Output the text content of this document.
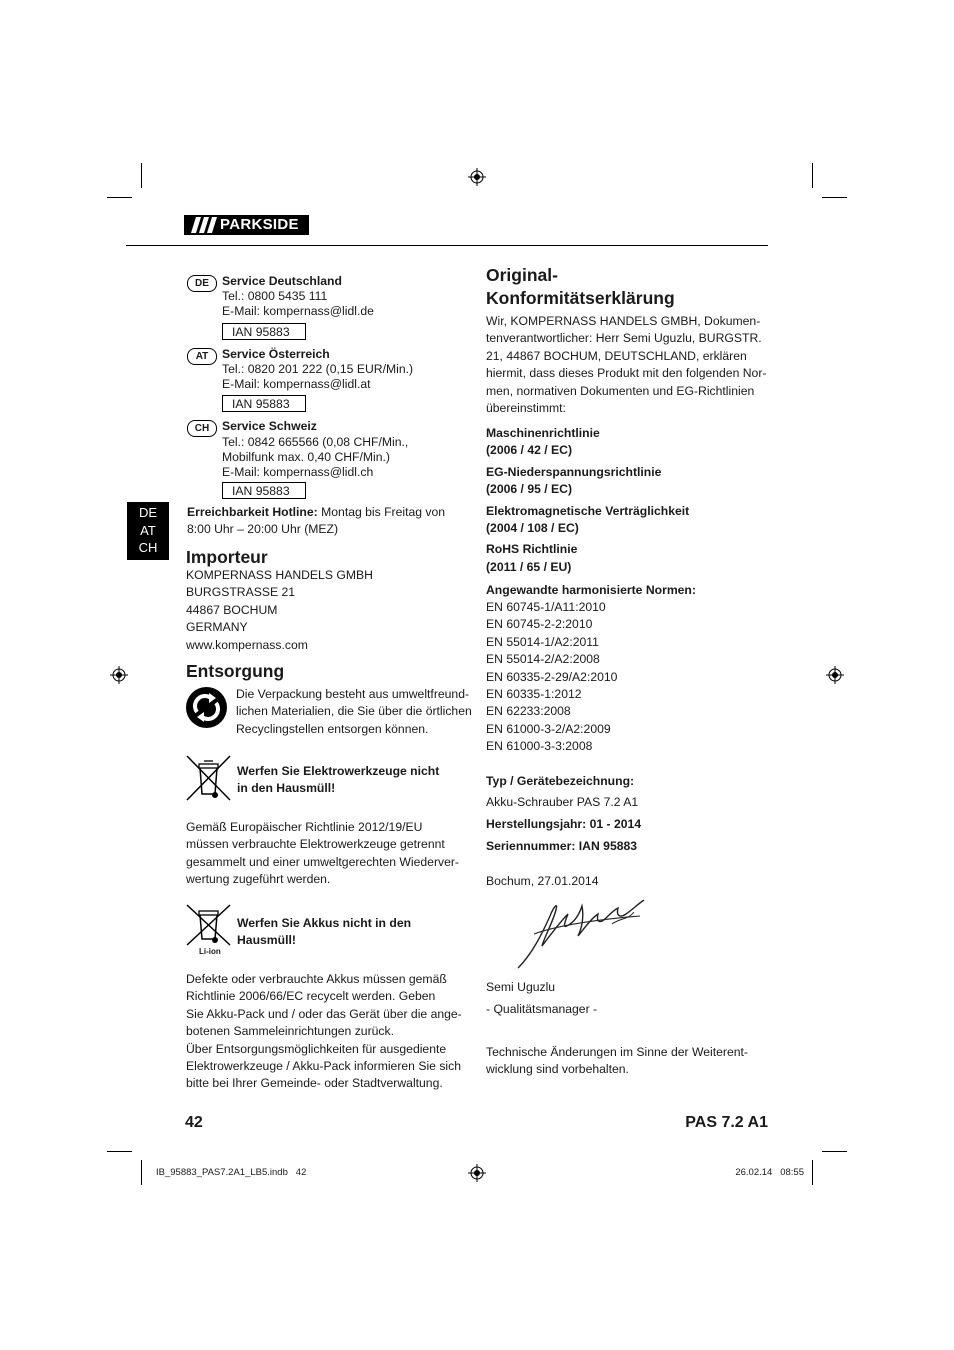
PARKSIDE
DE
AT
CH
DE	Service Deutschland
Tel.: 0800 5435 111
E-Mail: kompernass@lidl.de
IAN 95883
AT	Service Österreich
Tel.: 0820 201 222 (0,15 EUR/Min.)
E-Mail: kompernass@lidl.at
IAN 95883
CH	Service Schweiz
Tel.: 0842 665566 (0,08 CHF/Min.,
Mobilfunk max. 0,40 CHF/Min.)
E-Mail: kompernass@lidl.ch
IAN 95883
Erreichbarkeit Hotline: Montag bis Freitag von
8:00 Uhr – 20:00 Uhr (MEZ)
Importeur
KOMPERNASS HANDELS GMBH
BURGSTRASSE 21
44867 BOCHUM
GERMANY
www.kompernass.com
Entsorgung
Die Verpackung besteht aus umweltfreund-
lichen Materialien, die Sie über die örtlichen
Recyclingstellen entsorgen können.
Werfen Sie Elektrowerkzeuge nicht
in den Hausmüll!
Gemäß Europäischer Richtlinie 2012/19/EU
müssen verbrauchte Elektrowerkzeuge getrennt
gesammelt und einer umweltgerechten Wiederver-
wertung zugeführt werden.
Li-ion
Werfen Sie Akkus nicht in den
Hausmüll!
Defekte oder verbrauchte Akkus müssen gemäß
Richtlinie 2006/66/EC recycelt werden. Geben
Sie Akku-Pack und / oder das Gerät über die ange-
botenen Sammeleinrichtungen zurück.
Über Entsorgungsmöglichkeiten für ausgediente
Elektrowerkzeuge / Akku-Pack informieren Sie sich
bitte bei Ihrer Gemeinde- oder Stadtverwaltung.
Original-
Konformitätserklärung
Wir, KOMPERNASS HANDELS GMBH, Dokumen-
tenverantwortlicher: Herr Semi Uguzlu, BURGSTR.
21, 44867 BOCHUM, DEUTSCHLAND, erklären
hiermit, dass dieses Produkt mit den folgenden Nor-
men, normativen Dokumenten und EG-Richtlinien
übereinstimmt:
Maschinenrichtlinie
(2006 / 42 / EC)
EG-Niederspannungsrichtlinie
(2006 / 95 / EC)
Elektromagnetische Verträglichkeit
(2004 / 108 / EC)
RoHS Richtlinie
(2011 / 65 / EU)
Angewandte harmonisierte Normen:
EN 60745-1/A11:2010
EN 60745-2-2:2010
EN 55014-1/A2:2011
EN 55014-2/A2:2008
EN 60335-2-29/A2:2010
EN 60335-1:2012
EN 62233:2008
EN 61000-3-2/A2:2009
EN 61000-3-3:2008
Typ / Gerätebezeichnung:
Akku-Schrauber PAS 7.2 A1
Herstellungsjahr: 01 - 2014
Seriennummer: IAN 95883
Bochum, 27.01.2014
Semi Uguzlu
- Qualitätsmanager -
Technische Änderungen im Sinne der Weiterent-
wicklung sind vorbehalten.
42	PAS 7.2 A1
IB_95883_PAS7.2A1_LB5.indb   42	26.02.14   08:55
